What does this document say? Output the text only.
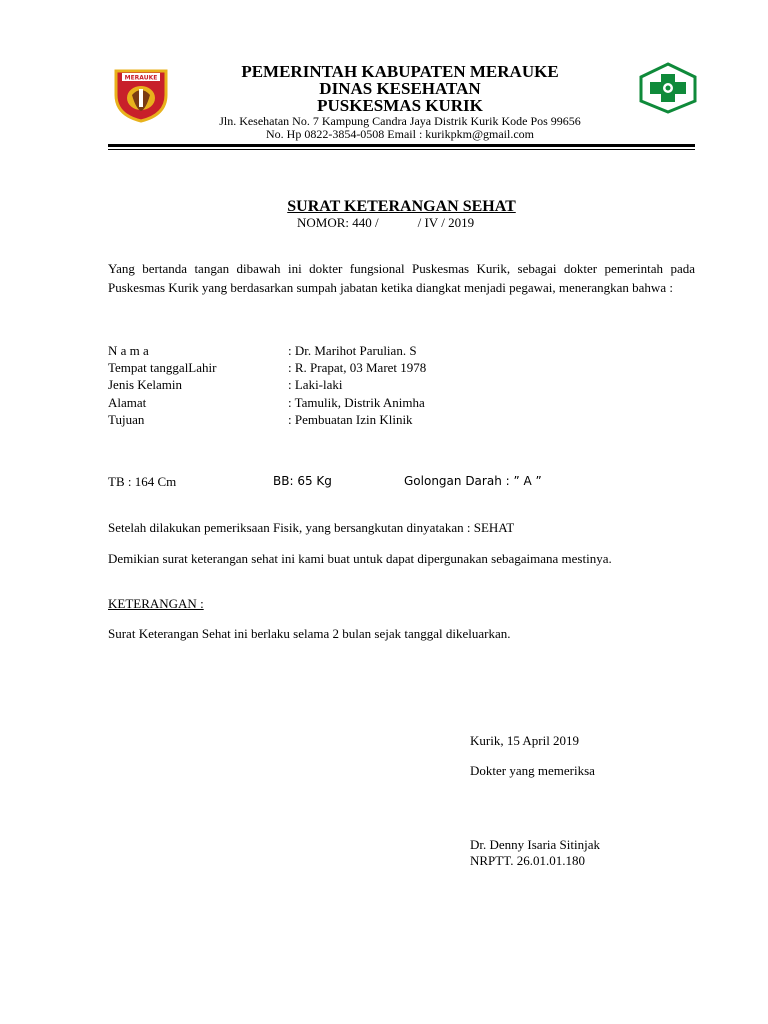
MERAUKE	PEMERINTAH KABUPATEN MERAUKE
DINAS KESEHATAN
PUSKESMAS KURIK
Jln. Kesehatan No. 7 Kampung Candra Jaya Distrik Kurik Kode Pos 99656
No. Hp 0822-3854-0508 Email : kurikpkm@gmail.com
SURAT KETERANGAN SEHAT
NOMOR: 440 /            / IV / 2019
Yang bertanda tangan dibawah ini dokter fungsional Puskesmas Kurik, sebagai dokter pemerintah pada Puskesmas Kurik yang berdasarkan sumpah jabatan ketika diangkat menjadi pegawai, menerangkan bahwa :
N a m a	: Dr. Marihot Parulian. S
Tempat tanggalLahir	: R. Prapat, 03 Maret 1978
Jenis Kelamin	: Laki-laki
Alamat	: Tamulik, Distrik Animha
Tujuan	: Pembuatan Izin Klinik
TB : 164 Cm	BB: 65 Kg	Golongan Darah : ” A ”
Setelah dilakukan pemeriksaan Fisik, yang bersangkutan dinyatakan : SEHAT
Demikian surat keterangan sehat ini kami buat untuk dapat dipergunakan sebagaimana mestinya.
KETERANGAN :
Surat Keterangan Sehat ini berlaku selama 2 bulan sejak tanggal dikeluarkan.
Kurik, 15 April 2019
Dokter yang memeriksa
Dr. Denny Isaria Sitinjak
NRPTT. 26.01.01.180
